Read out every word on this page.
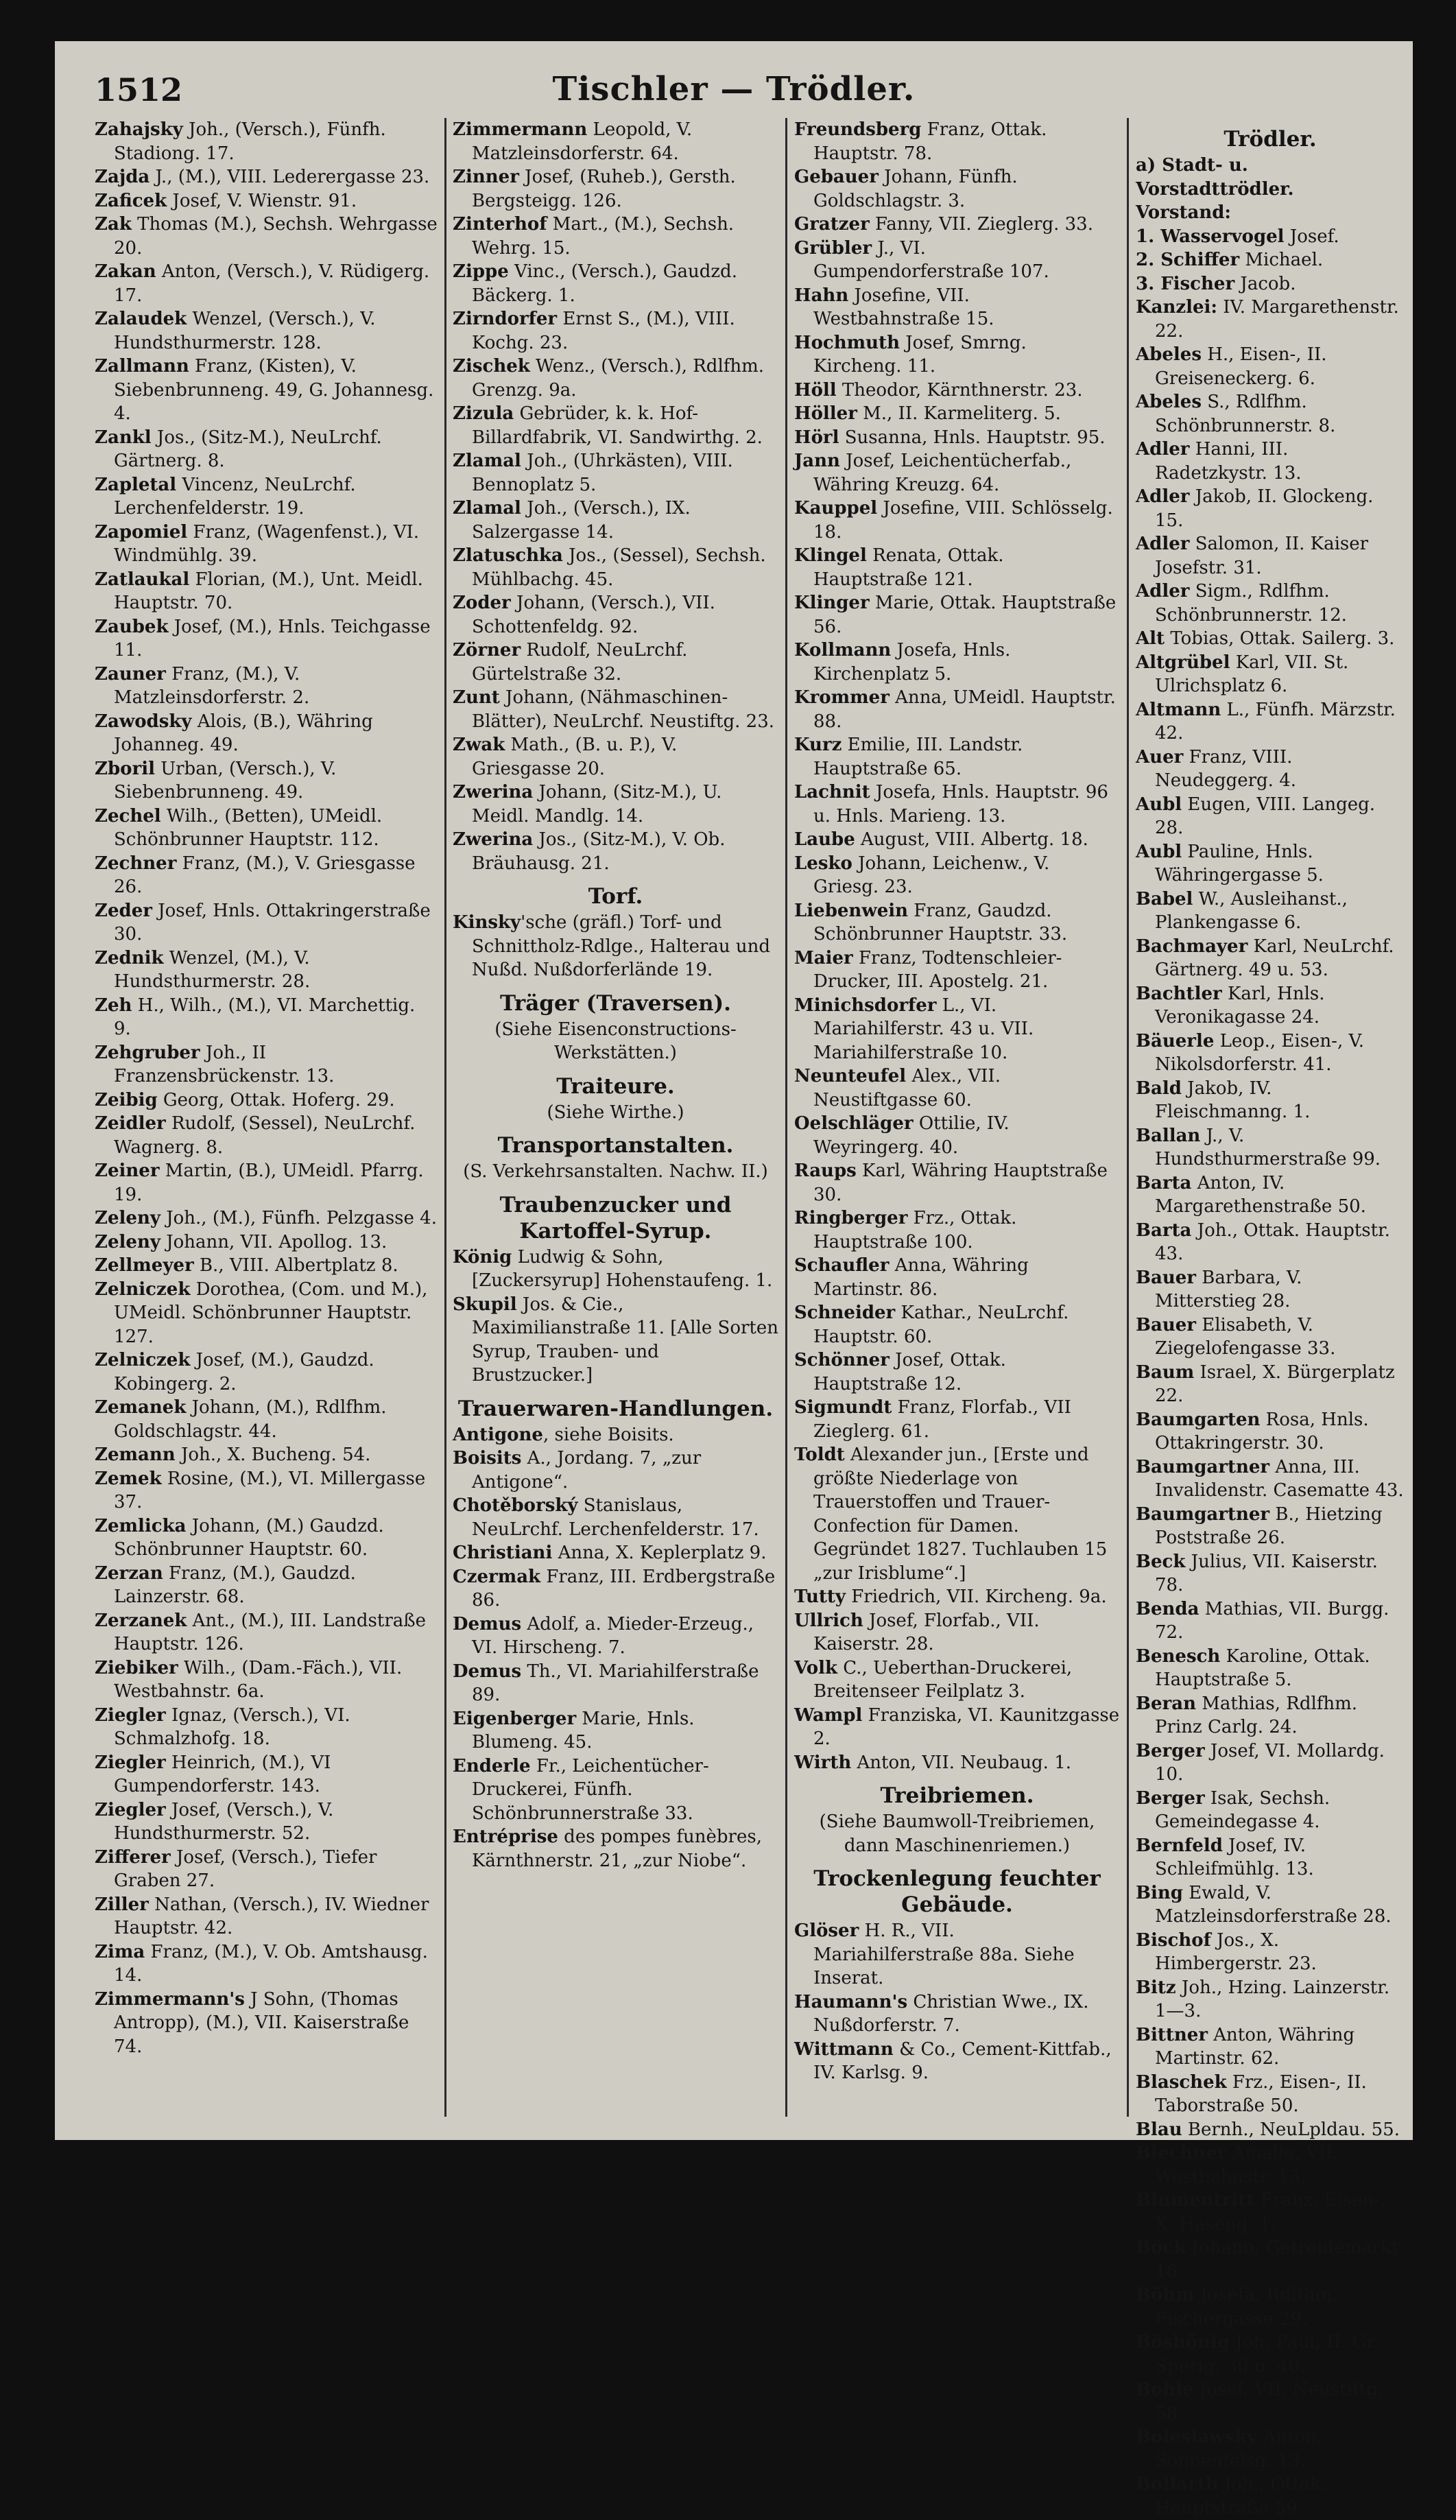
1512	Tischler — Trödler.
Zahajsky Joh., (Versch.), Fünfh. Stadiong. 17.
Zajda J., (M.), VIII. Lederergasse 23.
Zaficek Josef, V. Wienstr. 91.
Zak Thomas (M.), Sechsh. Wehrgasse 20.
Zakan Anton, (Versch.), V. Rüdigerg. 17.
Zalaudek Wenzel, (Versch.), V. Hundsthurmerstr. 128.
Zallmann Franz, (Kisten), V. Siebenbrunneng. 49, G. Johannesg. 4.
Zankl Jos., (Sitz-M.), NeuLrchf. Gärtnerg. 8.
Zapletal Vincenz, NeuLrchf. Lerchenfelderstr. 19.
Zapomiel Franz, (Wagenfenst.), VI. Windmühlg. 39.
Zatlaukal Florian, (M.), Unt. Meidl. Hauptstr. 70.
Zaubek Josef, (M.), Hnls. Teichgasse 11.
Zauner Franz, (M.), V. Matzleinsdorferstr. 2.
Zawodsky Alois, (B.), Währing Johanneg. 49.
Zboril Urban, (Versch.), V. Siebenbrunneng. 49.
Zechel Wilh., (Betten), UMeidl. Schönbrunner Hauptstr. 112.
Zechner Franz, (M.), V. Griesgasse 26.
Zeder Josef, Hnls. Ottakringerstraße 30.
Zednik Wenzel, (M.), V. Hundsthurmerstr. 28.
Zeh H., Wilh., (M.), VI. Marchettig. 9.
Zehgruber Joh., II Franzensbrückenstr. 13.
Zeibig Georg, Ottak. Hoferg. 29.
Zeidler Rudolf, (Sessel), NeuLrchf. Wagnerg. 8.
Zeiner Martin, (B.), UMeidl. Pfarrg. 19.
Zeleny Joh., (M.), Fünfh. Pelzgasse 4.
Zeleny Johann, VII. Apollog. 13.
Zellmeyer B., VIII. Albertplatz 8.
Zelniczek Dorothea, (Com. und M.), UMeidl. Schönbrunner Hauptstr. 127.
Zelniczek Josef, (M.), Gaudzd. Kobingerg. 2.
Zemanek Johann, (M.), Rdlfhm. Goldschlagstr. 44.
Zemann Joh., X. Bucheng. 54.
Zemek Rosine, (M.), VI. Millergasse 37.
Zemlicka Johann, (M.) Gaudzd. Schönbrunner Hauptstr. 60.
Zerzan Franz, (M.), Gaudzd. Lainzerstr. 68.
Zerzanek Ant., (M.), III. Landstraße Hauptstr. 126.
Ziebiker Wilh., (Dam.-Fäch.), VII. Westbahnstr. 6a.
Ziegler Ignaz, (Versch.), VI. Schmalzhofg. 18.
Ziegler Heinrich, (M.), VI Gumpendorferstr. 143.
Ziegler Josef, (Versch.), V. Hundsthurmerstr. 52.
Zifferer Josef, (Versch.), Tiefer Graben 27.
Ziller Nathan, (Versch.), IV. Wiedner Hauptstr. 42.
Zima Franz, (M.), V. Ob. Amtshausg. 14.
Zimmermann's J Sohn, (Thomas Antropp), (M.), VII. Kaiserstraße 74.
Zimmermann Leopold, V. Matzleinsdorferstr. 64.
Zinner Josef, (Ruheb.), Gersth. Bergsteigg. 126.
Zinterhof Mart., (M.), Sechsh. Wehrg. 15.
Zippe Vinc., (Versch.), Gaudzd. Bäckerg. 1.
Zirndorfer Ernst S., (M.), VIII. Kochg. 23.
Zischek Wenz., (Versch.), Rdlfhm. Grenzg. 9a.
Zizula Gebrüder, k. k. Hof-Billardfabrik, VI. Sandwirthg. 2.
Zlamal Joh., (Uhrkästen), VIII. Bennoplatz 5.
Zlamal Joh., (Versch.), IX. Salzergasse 14.
Zlatuschka Jos., (Sessel), Sechsh. Mühlbachg. 45.
Zoder Johann, (Versch.), VII. Schottenfeldg. 92.
Zörner Rudolf, NeuLrchf. Gürtelstraße 32.
Zunt Johann, (Nähmaschinen-Blätter), NeuLrchf. Neustiftg. 23.
Zwak Math., (B. u. P.), V. Griesgasse 20.
Zwerina Johann, (Sitz-M.), U. Meidl. Mandlg. 14.
Zwerina Jos., (Sitz-M.), V. Ob. Bräuhausg. 21.
Torf.
Kinsky'sche (gräfl.) Torf- und Schnittholz-Rdlge., Halterau und Nußd. Nußdorferlände 19.
Träger (Traversen).
(Siehe Eisenconstructions-Werkstätten.)
Traiteure.
(Siehe Wirthe.)
Transportanstalten.
(S. Verkehrsanstalten. Nachw. II.)
Traubenzucker und Kartoffel-Syrup.
König Ludwig & Sohn, [Zuckersyrup] Hohenstaufeng. 1.
Skupil Jos. & Cie., Maximilianstraße 11. [Alle Sorten Syrup, Trauben- und Brustzucker.]
Trauerwaren-Handlungen.
Antigone, siehe Boisits.
Boisits A., Jordang. 7, „zur Antigone“.
Chotěborský Stanislaus, NeuLrchf. Lerchenfelderstr. 17.
Christiani Anna, X. Keplerplatz 9.
Czermak Franz, III. Erdbergstraße 86.
Demus Adolf, a. Mieder-Erzeug., VI. Hirscheng. 7.
Demus Th., VI. Mariahilferstraße 89.
Eigenberger Marie, Hnls. Blumeng. 45.
Enderle Fr., Leichentücher-Druckerei, Fünfh. Schönbrunnerstraße 33.
Entréprise des pompes funèbres, Kärnthnerstr. 21, „zur Niobe“.
Freundsberg Franz, Ottak. Hauptstr. 78.
Gebauer Johann, Fünfh. Goldschlagstr. 3.
Gratzer Fanny, VII. Zieglerg. 33.
Grübler J., VI. Gumpendorferstraße 107.
Hahn Josefine, VII. Westbahnstraße 15.
Hochmuth Josef, Smrng. Kircheng. 11.
Höll Theodor, Kärnthnerstr. 23.
Höller M., II. Karmeliterg. 5.
Hörl Susanna, Hnls. Hauptstr. 95.
Jann Josef, Leichentücherfab., Währing Kreuzg. 64.
Kauppel Josefine, VIII. Schlösselg. 18.
Klingel Renata, Ottak. Hauptstraße 121.
Klinger Marie, Ottak. Hauptstraße 56.
Kollmann Josefa, Hnls. Kirchenplatz 5.
Krommer Anna, UMeidl. Hauptstr. 88.
Kurz Emilie, III. Landstr. Hauptstraße 65.
Lachnit Josefa, Hnls. Hauptstr. 96 u. Hnls. Marieng. 13.
Laube August, VIII. Albertg. 18.
Lesko Johann, Leichenw., V. Griesg. 23.
Liebenwein Franz, Gaudzd. Schönbrunner Hauptstr. 33.
Maier Franz, Todtenschleier-Drucker, III. Apostelg. 21.
Minichsdorfer L., VI. Mariahilferstr. 43 u. VII. Mariahilferstraße 10.
Neunteufel Alex., VII. Neustiftgasse 60.
Oelschläger Ottilie, IV. Weyringerg. 40.
Raups Karl, Währing Hauptstraße 30.
Ringberger Frz., Ottak. Hauptstraße 100.
Schaufler Anna, Währing Martinstr. 86.
Schneider Kathar., NeuLrchf. Hauptstr. 60.
Schönner Josef, Ottak. Hauptstraße 12.
Sigmundt Franz, Florfab., VII Zieglerg. 61.
Toldt Alexander jun., [Erste und größte Niederlage von Trauerstoffen und Trauer-Confection für Damen. Gegründet 1827. Tuchlauben 15 „zur Irisblume“.]
Tutty Friedrich, VII. Kircheng. 9a.
Ullrich Josef, Florfab., VII. Kaiserstr. 28.
Volk C., Ueberthan-Druckerei, Breitenseer Feilplatz 3.
Wampl Franziska, VI. Kaunitzgasse 2.
Wirth Anton, VII. Neubaug. 1.
Treibriemen.
(Siehe Baumwoll-Treibriemen, dann Maschinenriemen.)
Trockenlegung feuchter Gebäude.
Glöser H. R., VII. Mariahilferstraße 88a. Siehe Inserat.
Haumann's Christian Wwe., IX. Nußdorferstr. 7.
Wittmann & Co., Cement-Kittfab., IV. Karlsg. 9.
Trödler.
a) Stadt- u. Vorstadttrödler.
Vorstand:
1. Wasservogel Josef.
2. Schiffer Michael.
3. Fischer Jacob.
Kanzlei: IV. Margarethenstr. 22.
Abeles H., Eisen-, II. Greiseneckerg. 6.
Abeles S., Rdlfhm. Schönbrunnerstr. 8.
Adler Hanni, III. Radetzkystr. 13.
Adler Jakob, II. Glockeng. 15.
Adler Salomon, II. Kaiser Josefstr. 31.
Adler Sigm., Rdlfhm. Schönbrunnerstr. 12.
Alt Tobias, Ottak. Sailerg. 3.
Altgrübel Karl, VII. St. Ulrichsplatz 6.
Altmann L., Fünfh. Märzstr. 42.
Auer Franz, VIII. Neudeggerg. 4.
Aubl Eugen, VIII. Langeg. 28.
Aubl Pauline, Hnls. Währingergasse 5.
Babel W., Ausleihanst., Plankengasse 6.
Bachmayer Karl, NeuLrchf. Gärtnerg. 49 u. 53.
Bachtler Karl, Hnls. Veronikagasse 24.
Bäuerle Leop., Eisen-, V. Nikolsdorferstr. 41.
Bald Jakob, IV. Fleischmanng. 1.
Ballan J., V. Hundsthurmerstraße 99.
Barta Anton, IV. Margarethenstraße 50.
Barta Joh., Ottak. Hauptstr. 43.
Bauer Barbara, V. Mitterstieg 28.
Bauer Elisabeth, V. Ziegelofengasse 33.
Baum Israel, X. Bürgerplatz 22.
Baumgarten Rosa, Hnls. Ottakringerstr. 30.
Baumgartner Anna, III. Invalidenstr. Casematte 43.
Baumgartner B., Hietzing Poststraße 26.
Beck Julius, VII. Kaiserstr. 78.
Benda Mathias, VII. Burgg. 72.
Benesch Karoline, Ottak. Hauptstraße 5.
Beran Mathias, Rdlfhm. Prinz Carlg. 24.
Berger Josef, VI. Mollardg. 10.
Berger Isak, Sechsh. Gemeindegasse 4.
Bernfeld Josef, IV. Schleifmühlg. 13.
Bing Ewald, V. Matzleinsdorferstraße 28.
Bischof Jos., X. Himbergerstr. 23.
Bitz Joh., Hzing. Lainzerstr. 1—3.
Bittner Anton, Währing Martinstr. 62.
Blaschek Frz., Eisen-, II. Taborstraße 50.
Blau Bernh., NeuLpldau. 55.
Blechner Amalie, VII. Westbahnstr. 13.
Blumentritt Franz, Eisen-, X. Haseng. 1.
Böck Johann, Getreidemarkt 16.
Böhm Josefa, Rdlfhm. Fischergasse 29.
Böshönig Joh. Paul, II. Gr. Sperlg. 30 u. 40.
Bohle Josef, VII. Neustiftg. 58.
Boleslawsky Anton, Sonnenfelsg. 13.
Bollarth Joh., Ottak. Hauptstraße 59.
